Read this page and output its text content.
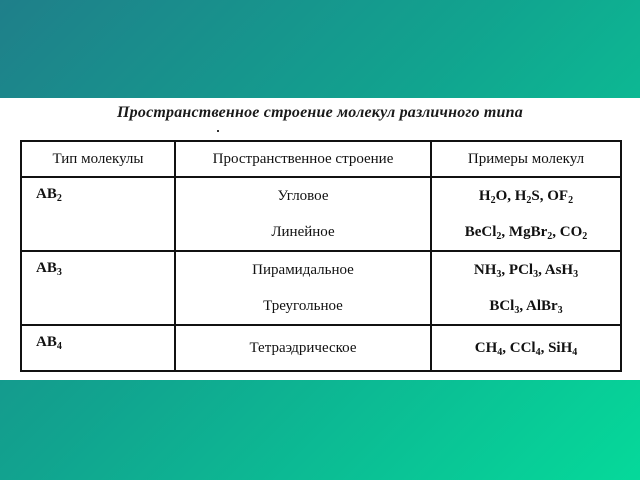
Пространственное строение молекул различного типа
Тип молекулы	Пространственное строение	Примеры молекул
$AB_2$	Угловое	$H_2O$, $H_2S$, $OF_2$
	Линейное	BeCl$_2$, MgBr$_2$, $CO_2$
$AB_3$	Пирамидальное	$NH_3$, PCl$_3$, AsH$_3$
	Треугольное	BCl$_3$, AlBr$_3$
$AB_4$	Тетраэдрическое	$CH_4$, CCl$_4$, SiH$_4$
